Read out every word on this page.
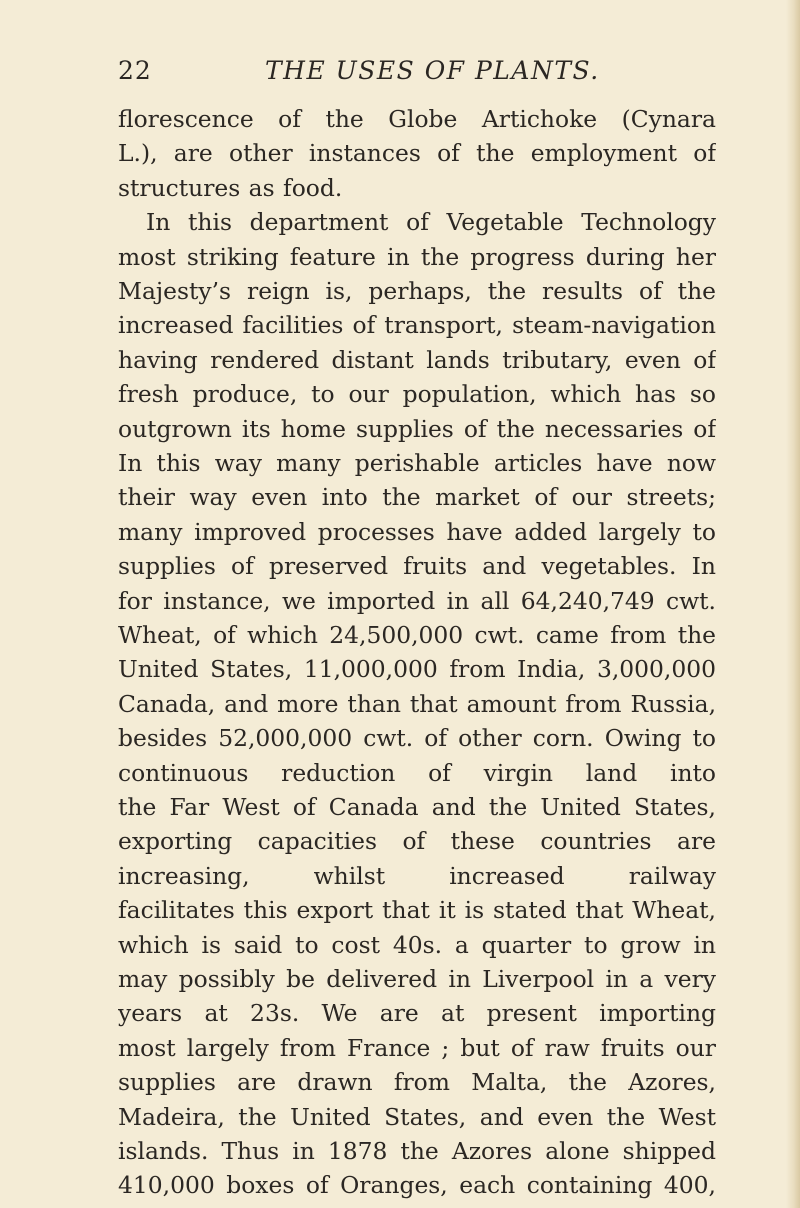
22	THE USES OF PLANTS.
florescence of the Globe Artichoke (Cynara
L.), are other instances of the employment of
structures as food.
In this department of Vegetable Technology
most striking feature in the progress during her
Majesty’s reign is, perhaps, the results of the
increased facilities of transport, steam-navigation
having rendered distant lands tributary, even of
fresh produce, to our population, which has so
outgrown its home supplies of the necessaries of
In this way many perishable articles have now
their way even into the market of our streets;
many improved processes have added largely to
supplies of preserved fruits and vegetables. In
for instance, we imported in all 64,240,749 cwt.
Wheat, of which 24,500,000 cwt. came from the
United States, 11,000,000 from India, 3,000,000
Canada, and more than that amount from Russia,
besides 52,000,000 cwt. of other corn. Owing to
continuous reduction of virgin land into
the Far West of Canada and the United States,
exporting capacities of these countries are
increasing, whilst increased railway
facilitates this export that it is stated that Wheat,
which is said to cost 40s. a quarter to grow in
may possibly be delivered in Liverpool in a very
years at 23s. We are at present importing
most largely from France ; but of raw fruits our
supplies are drawn from Malta, the Azores,
Madeira, the United States, and even the West
islands. Thus in 1878 the Azores alone shipped
410,000 boxes of Oranges, each containing 400,
